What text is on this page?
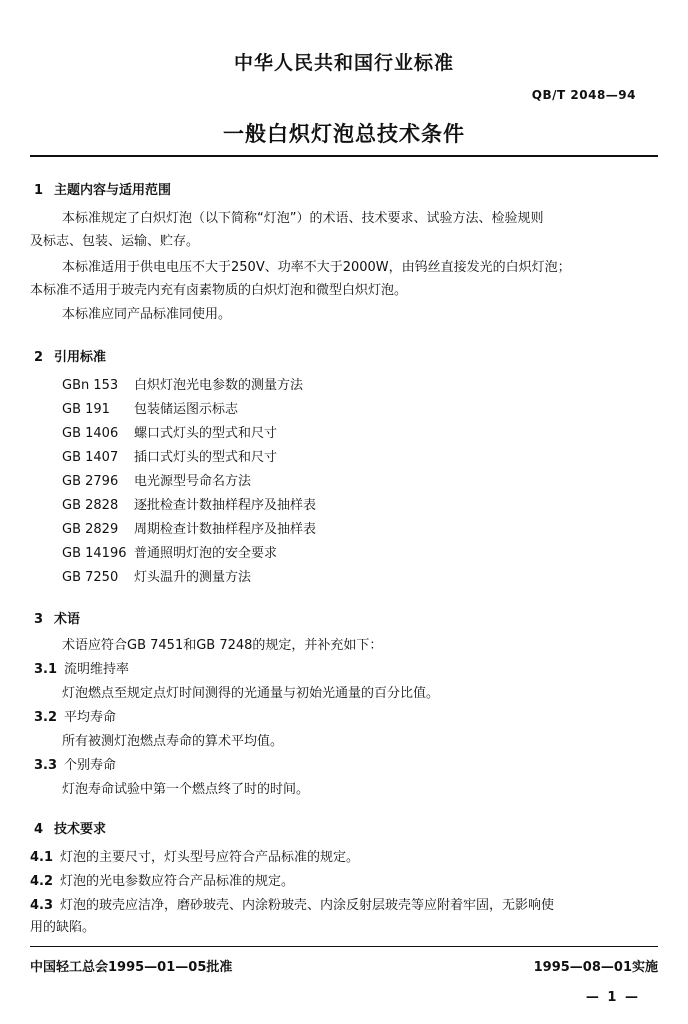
中华人民共和国行业标准
QB/T 2048—94
一般白炽灯泡总技术条件
1 主题内容与适用范围
本标准规定了白炽灯泡（以下简称“灯泡”）的术语、技术要求、试验方法、检验规则
及标志、包装、运输、贮存。
本标准适用于供电电压不大于250V、功率不大于2000W，由钨丝直接发光的白炽灯泡；
本标准不适用于玻壳内充有卤素物质的白炽灯泡和微型白炽灯泡。
本标准应同产品标准同使用。
2 引用标准
GBn 153 白炽灯泡光电参数的测量方法
GB 191 包装储运图示标志
GB 1406 螺口式灯头的型式和尺寸
GB 1407 插口式灯头的型式和尺寸
GB 2796 电光源型号命名方法
GB 2828 逐批检查计数抽样程序及抽样表
GB 2829 周期检查计数抽样程序及抽样表
GB 14196 普通照明灯泡的安全要求
GB 7250 灯头温升的测量方法
3 术语
术语应符合GB 7451和GB 7248的规定，并补充如下：
3.1 流明维持率
灯泡燃点至规定点灯时间测得的光通量与初始光通量的百分比值。
3.2 平均寿命
所有被测灯泡燃点寿命的算术平均值。
3.3 个别寿命
灯泡寿命试验中第一个燃点终了时的时间。
4 技术要求
4.1 灯泡的主要尺寸，灯头型号应符合产品标准的规定。
4.2 灯泡的光电参数应符合产品标准的规定。
4.3 灯泡的玻壳应洁净，磨砂玻壳、内涂粉玻壳、内涂反射层玻壳等应附着牢固，无影响使
用的缺陷。
中国轻工总会1995—01—05批准	1995—08—01实施
— 1 —
